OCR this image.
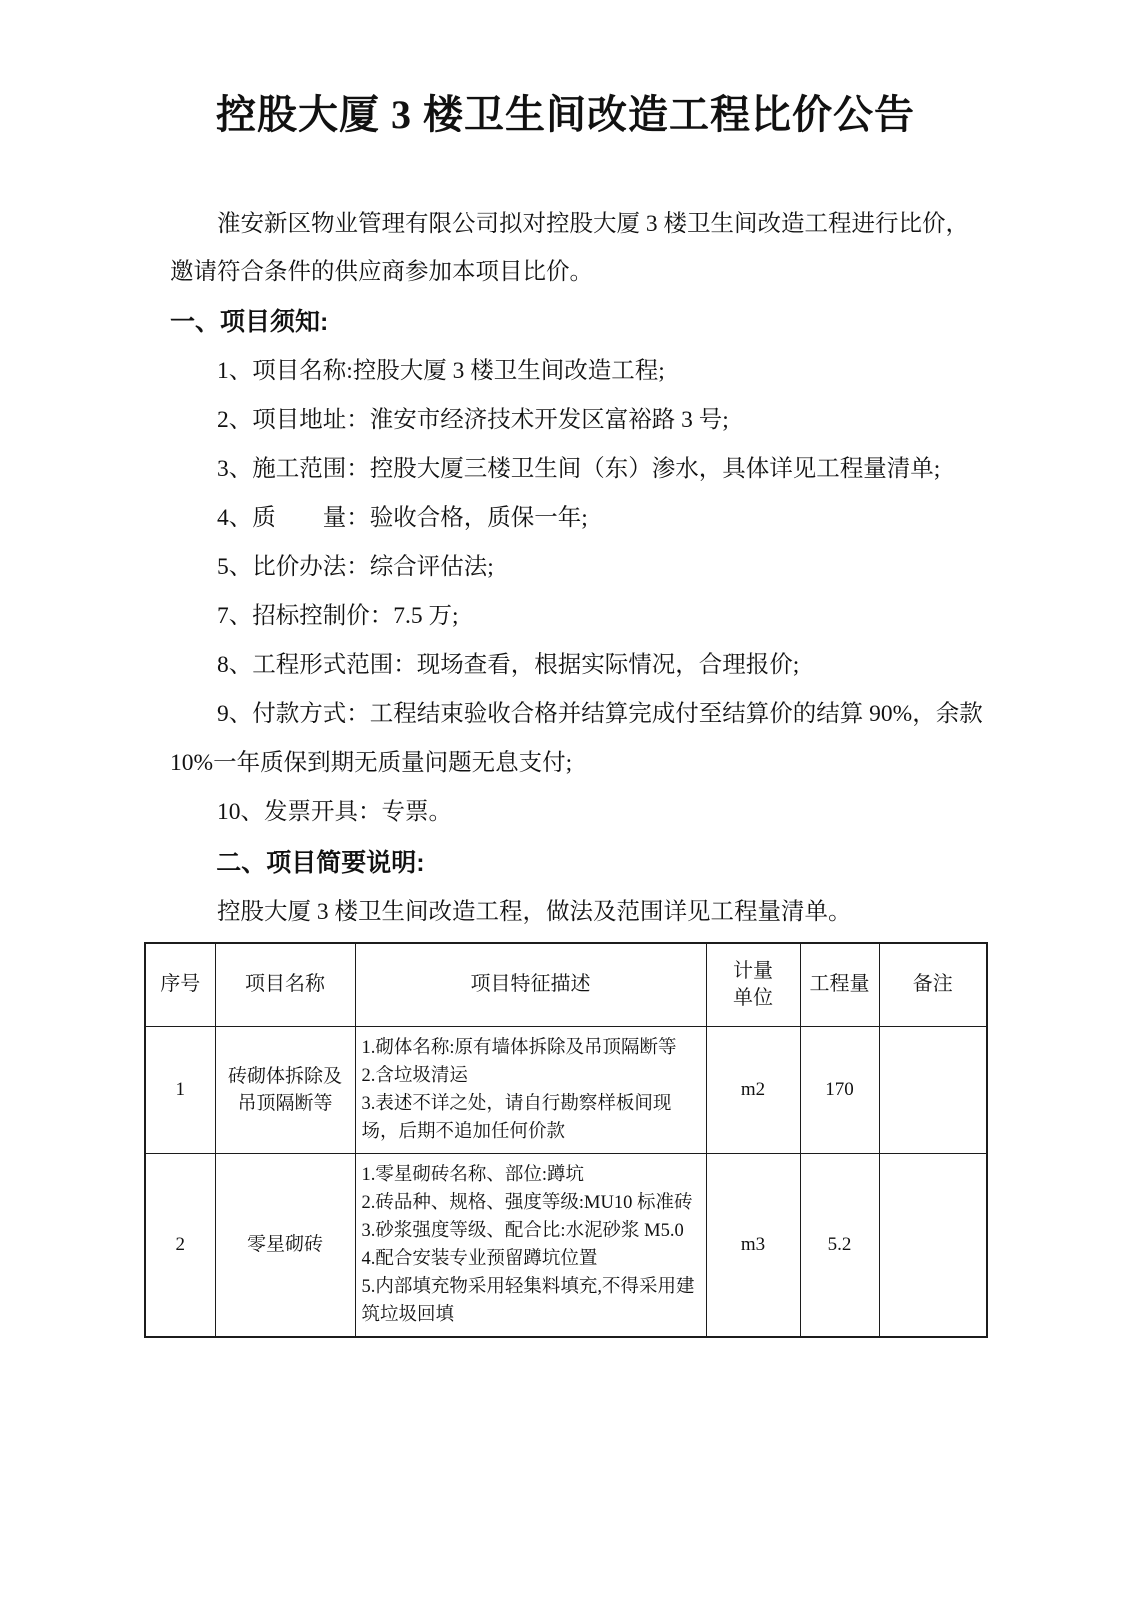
控股大厦 3 楼卫生间改造工程比价公告

淮安新区物业管理有限公司拟对控股大厦 3 楼卫生间改造工程进行比价，邀请符合条件的供应商参加本项目比价。

一、项目须知:

1、项目名称:控股大厦 3 楼卫生间改造工程;

2、项目地址：淮安市经济技术开发区富裕路 3 号;

3、施工范围：控股大厦三楼卫生间（东）渗水，具体详见工程量清单;

4、质　　量：验收合格，质保一年;

5、比价办法：综合评估法;

7、招标控制价：7.5 万;

8、工程形式范围：现场查看，根据实际情况，合理报价;

9、付款方式：工程结束验收合格并结算完成付至结算价的结算 90%，余款 10%一年质保到期无质量问题无息支付;

10、发票开具：专票。

二、项目简要说明:

控股大厦 3 楼卫生间改造工程，做法及范围详见工程量清单。

序号	项目名称	项目特征描述	计量单位	工程量	备注
1	砖砌体拆除及吊顶隔断等	1.砌体名称:原有墙体拆除及吊顶隔断等
2.含垃圾清运
3.表述不详之处，请自行勘察样板间现场，后期不追加任何价款	m2	170	
2	零星砌砖	1.零星砌砖名称、部位:蹲坑
2.砖品种、规格、强度等级:MU10 标准砖
3.砂浆强度等级、配合比:水泥砂浆 M5.0
4.配合安装专业预留蹲坑位置
5.内部填充物采用轻集料填充,不得采用建筑垃圾回填	m3	5.2	
